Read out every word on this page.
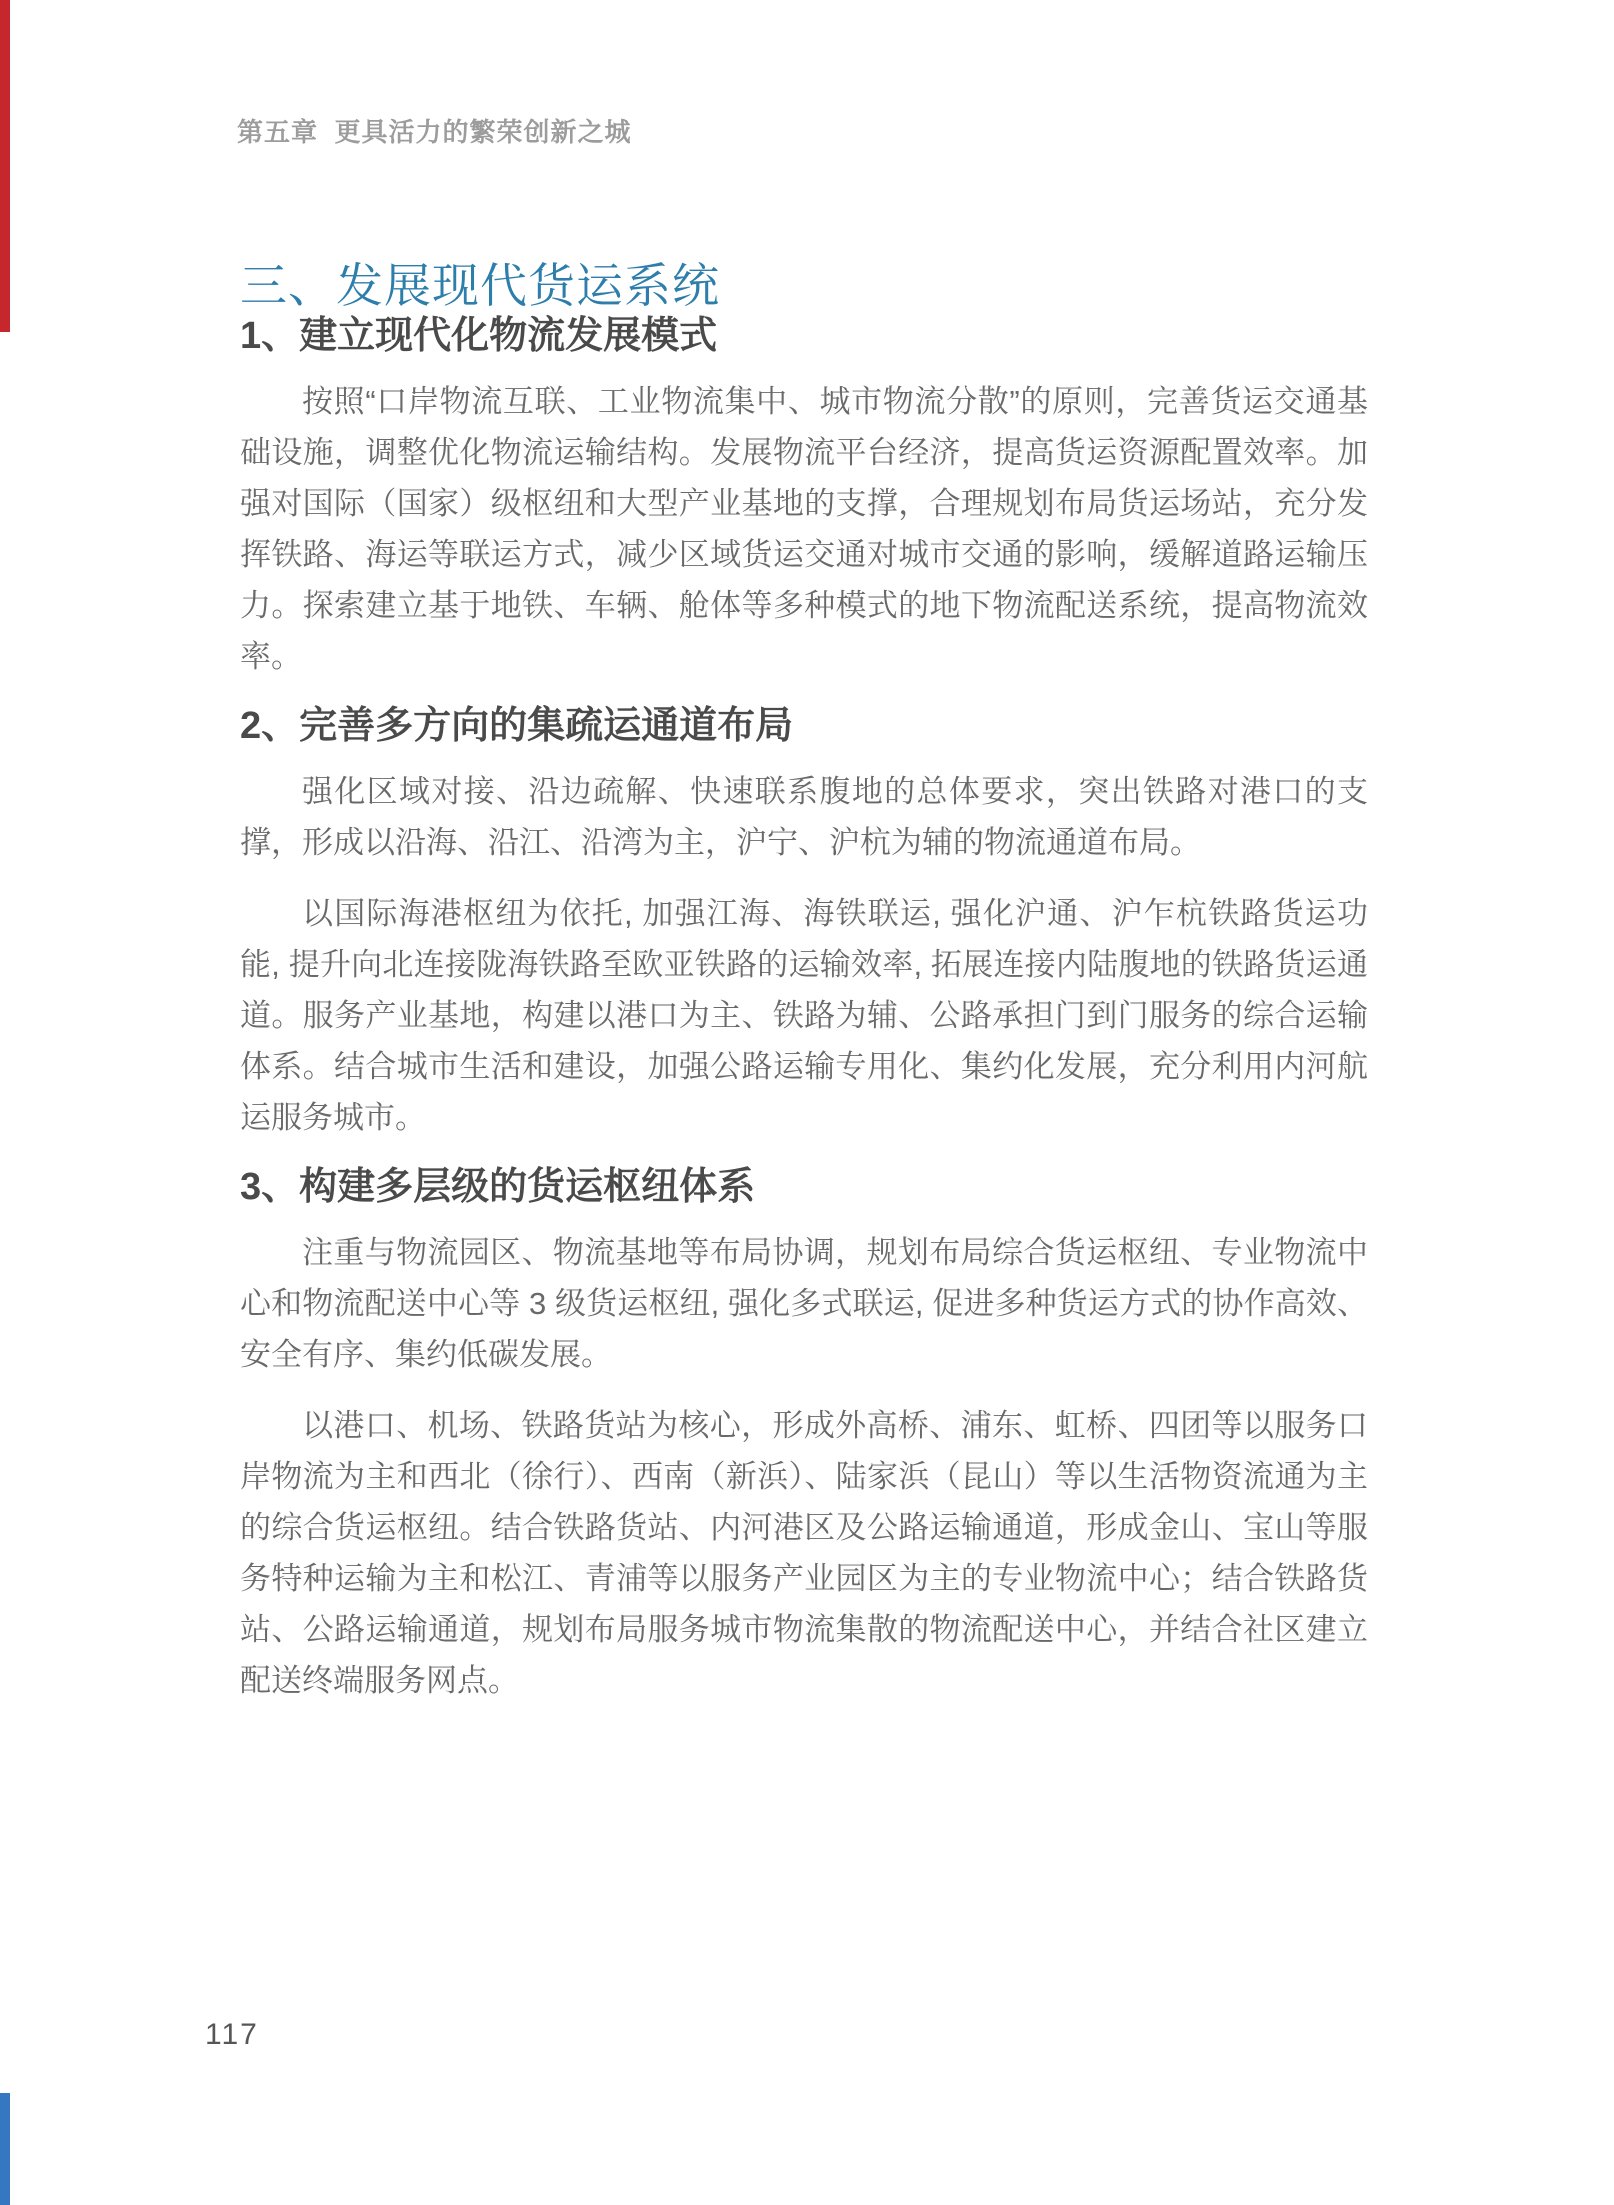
第五章  更具活力的繁荣创新之城
三、发展现代货运系统
1、建立现代化物流发展模式

按照“口岸物流互联、工业物流集中、城市物流分散”的原则，完善货运交通基础设施，调整优化物流运输结构。发展物流平台经济，提高货运资源配置效率。加强对国际（国家）级枢纽和大型产业基地的支撑，合理规划布局货运场站，充分发挥铁路、海运等联运方式，减少区域货运交通对城市交通的影响，缓解道路运输压力。探索建立基于地铁、车辆、舱体等多种模式的地下物流配送系统，提高物流效率。

2、完善多方向的集疏运通道布局

强化区域对接、沿边疏解、快速联系腹地的总体要求，突出铁路对港口的支撑，形成以沿海、沿江、沿湾为主，沪宁、沪杭为辅的物流通道布局。

以国际海港枢纽为依托, 加强江海、海铁联运, 强化沪通、沪乍杭铁路货运功能, 提升向北连接陇海铁路至欧亚铁路的运输效率, 拓展连接内陆腹地的铁路货运通道。服务产业基地，构建以港口为主、铁路为辅、公路承担门到门服务的综合运输体系。结合城市生活和建设，加强公路运输专用化、集约化发展，充分利用内河航运服务城市。

3、构建多层级的货运枢纽体系

注重与物流园区、物流基地等布局协调，规划布局综合货运枢纽、专业物流中心和物流配送中心等 3 级货运枢纽, 强化多式联运, 促进多种货运方式的协作高效、安全有序、集约低碳发展。

以港口、机场、铁路货站为核心，形成外高桥、浦东、虹桥、四团等以服务口岸物流为主和西北（徐行）、西南（新浜）、陆家浜（昆山）等以生活物资流通为主的综合货运枢纽。结合铁路货站、内河港区及公路运输通道，形成金山、宝山等服务特种运输为主和松江、青浦等以服务产业园区为主的专业物流中心；结合铁路货站、公路运输通道，规划布局服务城市物流集散的物流配送中心，并结合社区建立配送终端服务网点。

117
